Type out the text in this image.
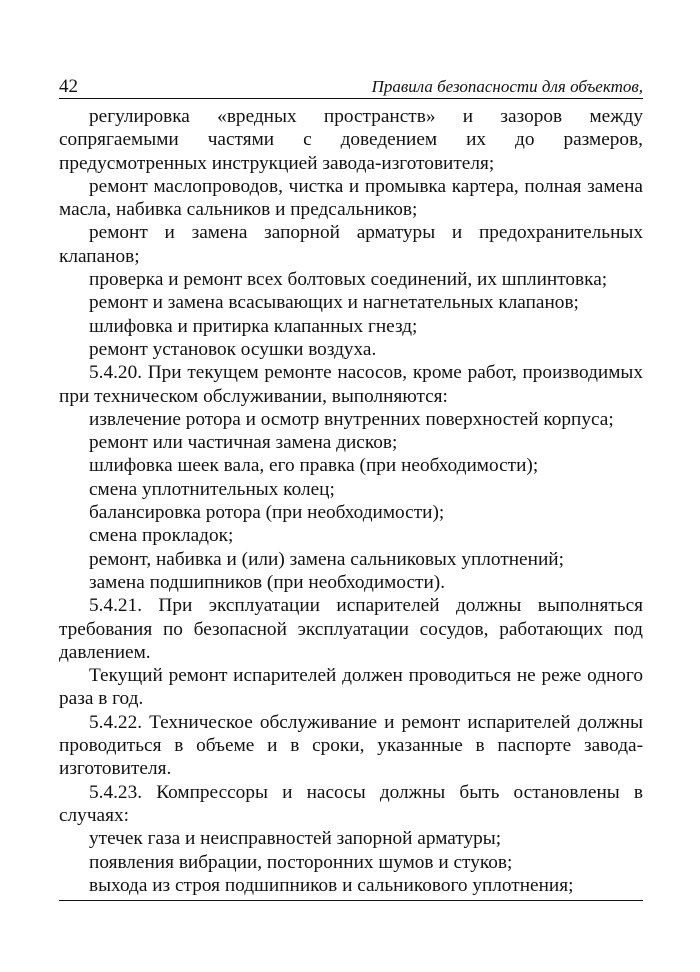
42	Правила безопасности для объектов,

регулировка «вредных пространств» и зазоров между сопрягаемыми частями с доведением их до размеров, предусмотренных инструкцией завода-изготовителя;

ремонт маслопроводов, чистка и промывка картера, полная замена масла, набивка сальников и предсальников;

ремонт и замена запорной арматуры и предохранительных клапанов;

проверка и ремонт всех болтовых соединений, их шплинтовка;

ремонт и замена всасывающих и нагнетательных клапанов;

шлифовка и притирка клапанных гнезд;

ремонт установок осушки воздуха.

5.4.20. При текущем ремонте насосов, кроме работ, производимых при техническом обслуживании, выполняются:

извлечение ротора и осмотр внутренних поверхностей корпуса;

ремонт или частичная замена дисков;

шлифовка шеек вала, его правка (при необходимости);

смена уплотнительных колец;

балансировка ротора (при необходимости);

смена прокладок;

ремонт, набивка и (или) замена сальниковых уплотнений;

замена подшипников (при необходимости).

5.4.21. При эксплуатации испарителей должны выполняться требования по безопасной эксплуатации сосудов, работающих под давлением.

Текущий ремонт испарителей должен проводиться не реже одного раза в год.

5.4.22. Техническое обслуживание и ремонт испарителей должны проводиться в объеме и в сроки, указанные в паспорте завода-изготовителя.

5.4.23. Компрессоры и насосы должны быть остановлены в случаях:

утечек газа и неисправностей запорной арматуры;

появления вибрации, посторонних шумов и стуков;

выхода из строя подшипников и сальникового уплотнения;
